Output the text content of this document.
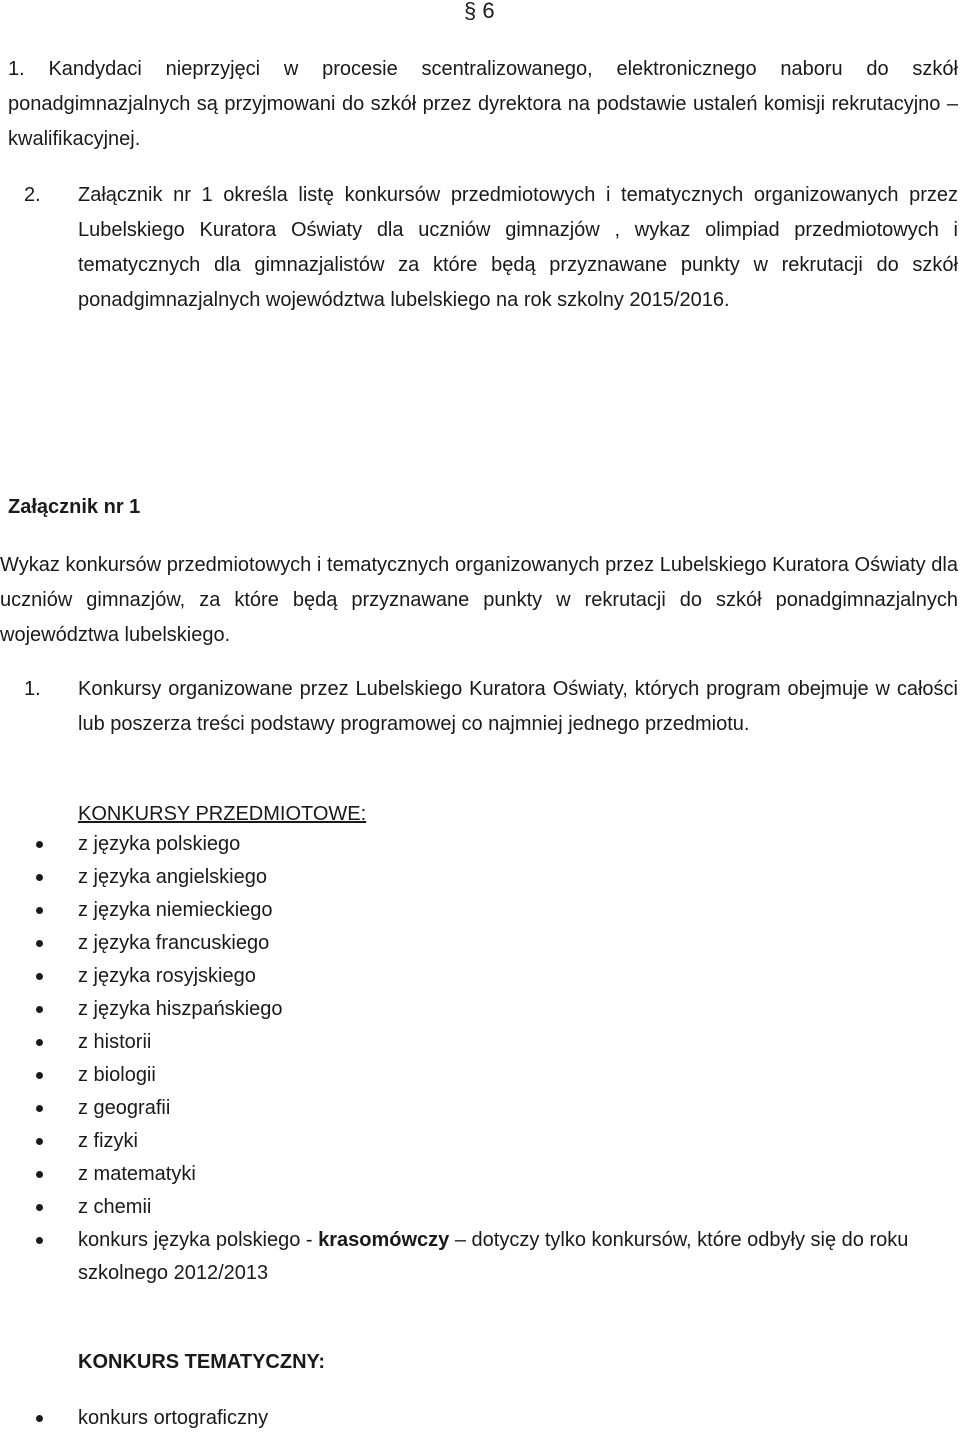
§ 6
1. Kandydaci nieprzyjęci w procesie scentralizowanego, elektronicznego naboru do szkół ponadgimnazjalnych są przyjmowani do szkół przez dyrektora na podstawie ustaleń komisji rekrutacyjno – kwalifikacyjnej.
2. Załącznik nr 1 określa listę konkursów przedmiotowych i tematycznych organizowanych przez Lubelskiego Kuratora Oświaty dla uczniów gimnazjów , wykaz olimpiad przedmiotowych i tematycznych dla gimnazjalistów za które będą przyznawane punkty w rekrutacji do szkół ponadgimnazjalnych województwa lubelskiego na rok szkolny 2015/2016.
Załącznik nr 1
Wykaz konkursów przedmiotowych i tematycznych organizowanych przez Lubelskiego Kuratora Oświaty dla uczniów gimnazjów, za które będą przyznawane punkty w rekrutacji do szkół ponadgimnazjalnych województwa lubelskiego.
1. Konkursy organizowane przez Lubelskiego Kuratora Oświaty, których program obejmuje w całości lub poszerza treści podstawy programowej co najmniej jednego przedmiotu.
KONKURSY PRZEDMIOTOWE:
z języka polskiego
z języka angielskiego
z języka niemieckiego
z języka francuskiego
z języka rosyjskiego
z języka hiszpańskiego
z historii
z biologii
z geografii
z fizyki
z matematyki
z chemii
konkurs języka polskiego - krasomówczy – dotyczy tylko konkursów, które odbyły się do roku szkolnego 2012/2013
KONKURS TEMATYCZNY:
konkurs ortograficzny
